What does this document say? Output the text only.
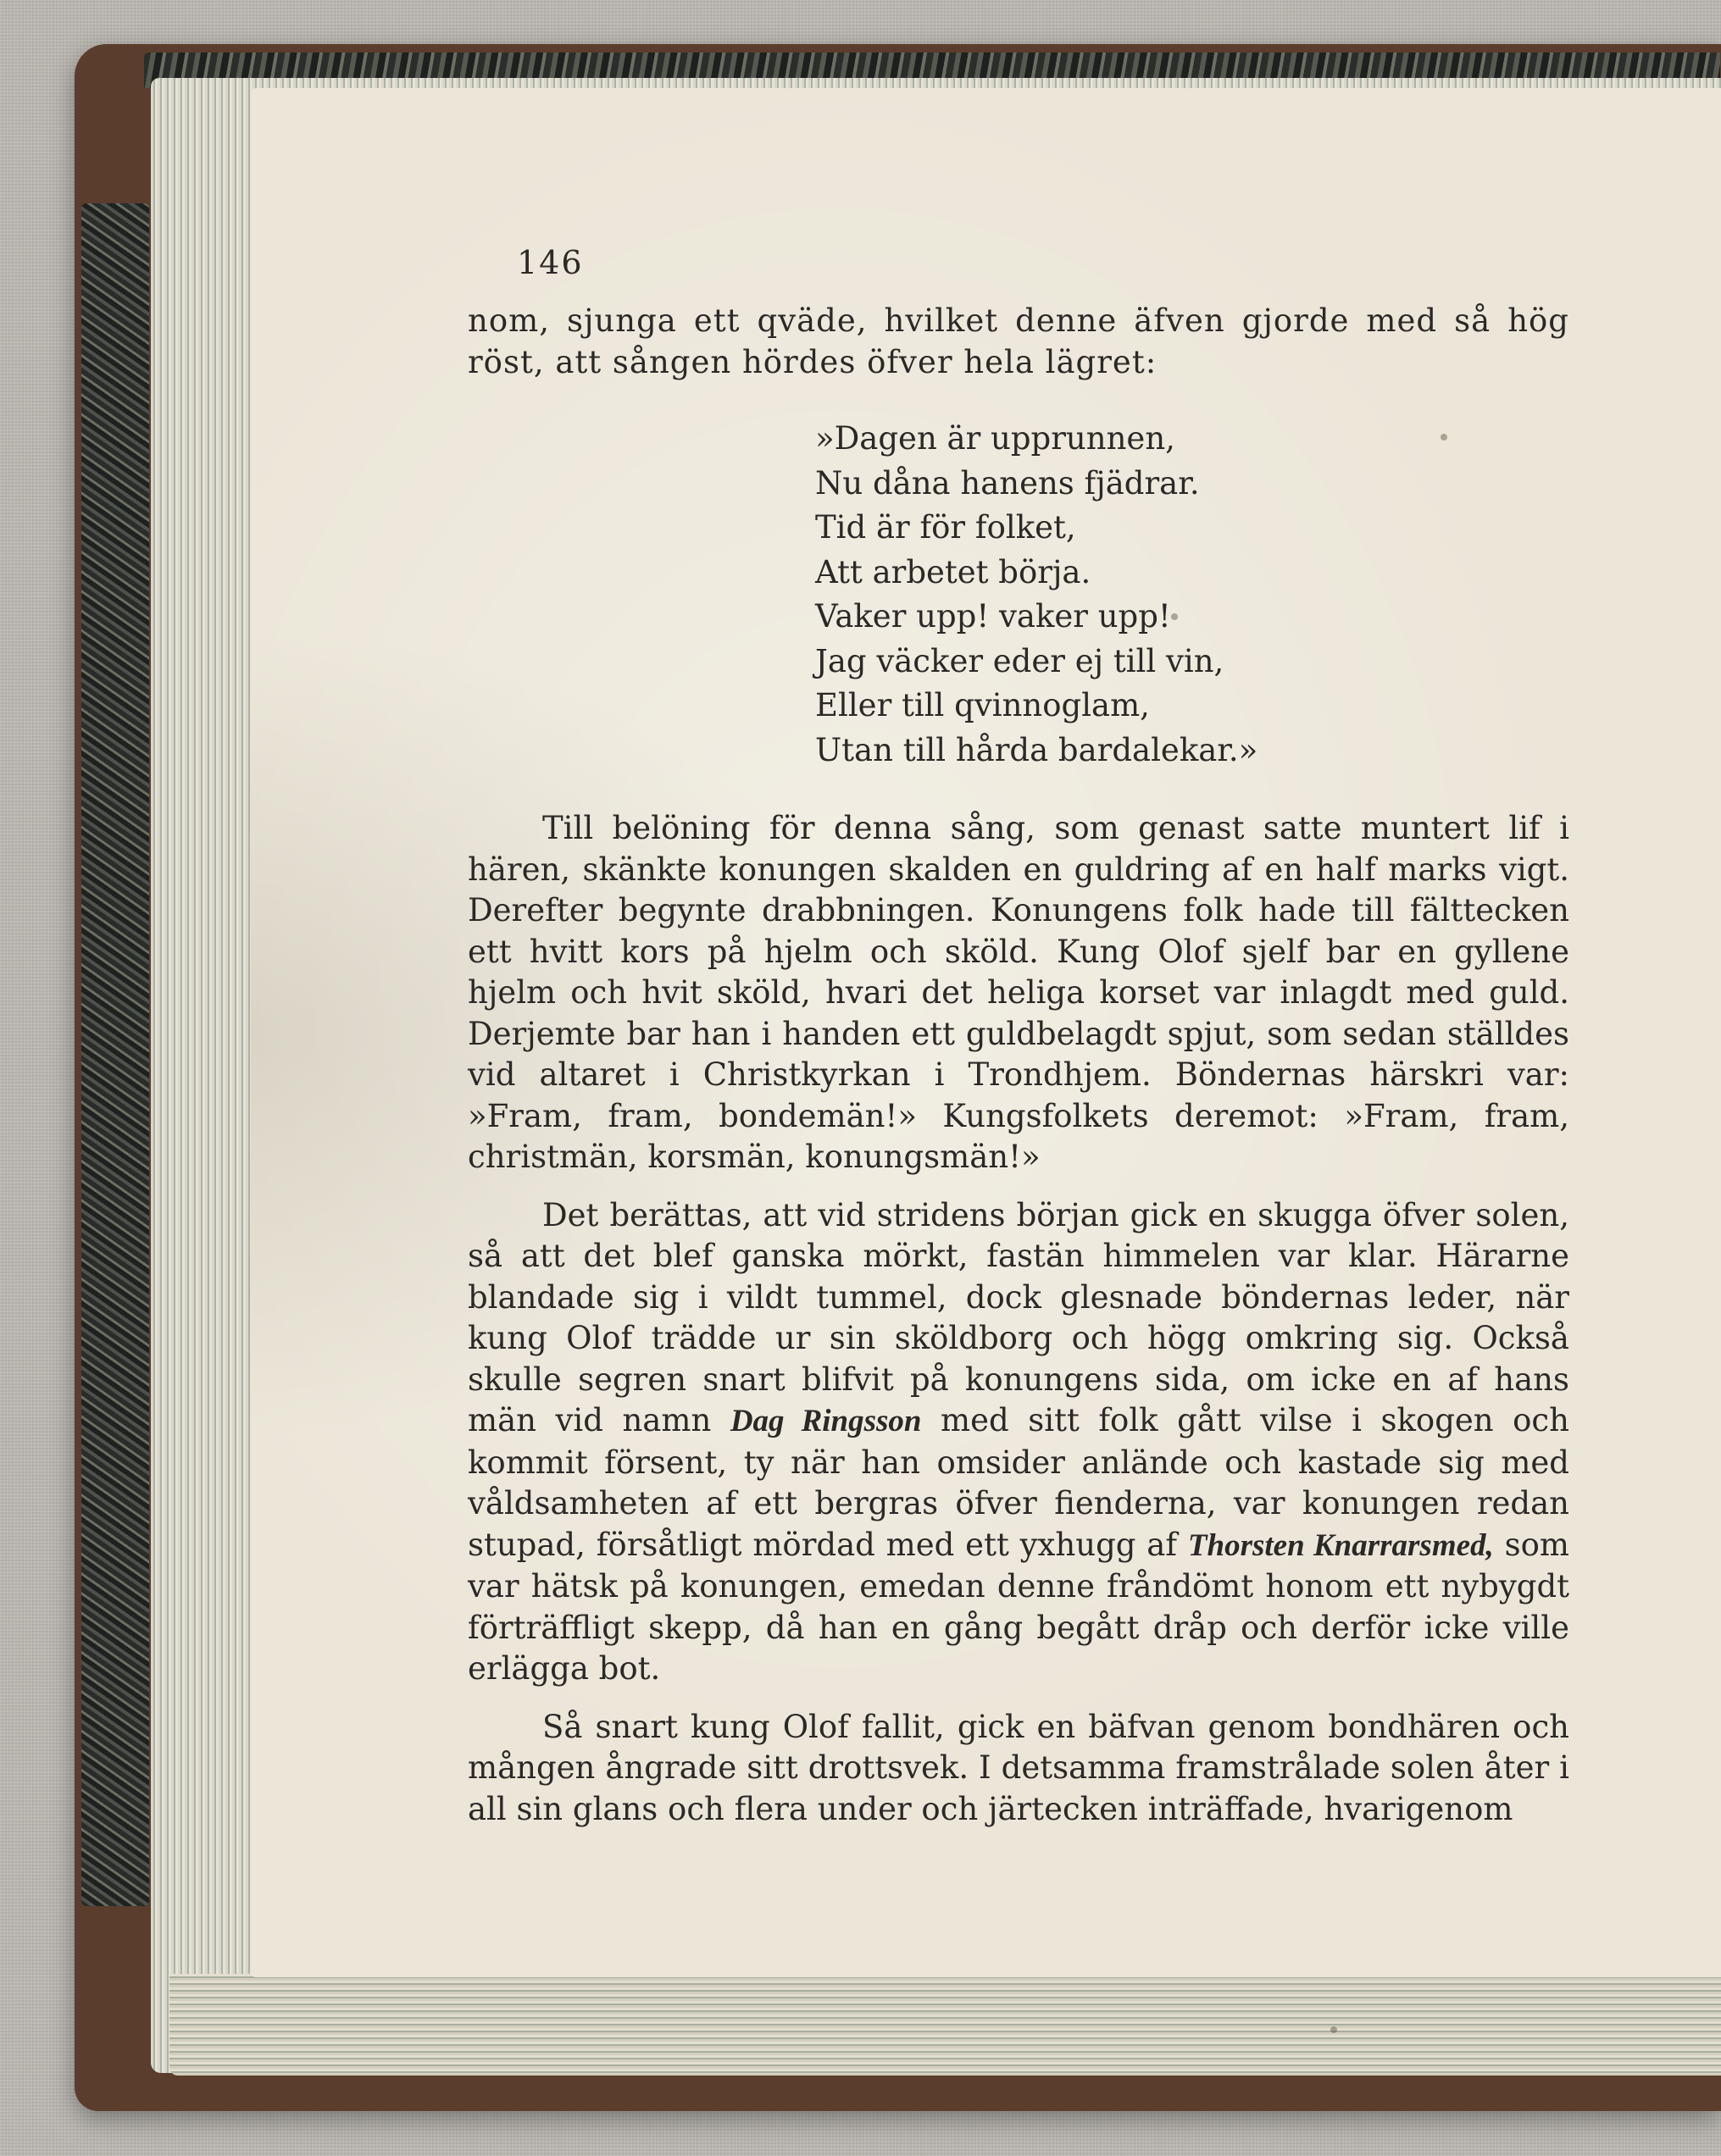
146

nom, sjunga ett qväde, hvilket denne äfven gjorde med så hög röst, att sången hördes öfver hela lägret:

»Dagen är upprunnen,
Nu dåna hanens fjädrar.
Tid är för folket,
Att arbetet börja.
Vaker upp! vaker upp!
Jag väcker eder ej till vin,
Eller till qvinnoglam,
Utan till hårda bardalekar.»

Till belöning för denna sång, som genast satte muntert lif i hären, skänkte konungen skalden en guldring af en half marks vigt. Derefter begynte drabbningen. Konungens folk hade till fälttecken ett hvitt kors på hjelm och sköld. Kung Olof sjelf bar en gyllene hjelm och hvit sköld, hvari det heliga korset var inlagdt med guld. Derjemte bar han i handen ett guldbelagdt spjut, som sedan ställdes vid altaret i Christkyrkan i Trondhjem. Böndernas härskri var: »Fram, fram, bondemän!» Kungsfolkets deremot: »Fram, fram, christmän, korsmän, konungsmän!»

Det berättas, att vid stridens början gick en skugga öfver solen, så att det blef ganska mörkt, fastän himmelen var klar. Härarne blandade sig i vildt tummel, dock glesnade böndernas leder, när kung Olof trädde ur sin sköldborg och högg omkring sig. Också skulle segren snart blifvit på konungens sida, om icke en af hans män vid namn Dag Ringsson med sitt folk gått vilse i skogen och kommit försent, ty när han omsider anlände och kastade sig med våldsamheten af ett bergras öfver fienderna, var konungen redan stupad, försåtligt mördad med ett yxhugg af Thorsten Knarrarsmed, som var hätsk på konungen, emedan denne fråndömt honom ett nybygdt förträffligt skepp, då han en gång begått dråp och derför icke ville erlägga bot.

Så snart kung Olof fallit, gick en bäfvan genom bondhären och mången ångrade sitt drottsvek. I detsamma framstrålade solen åter i all sin glans och flera under och järtecken inträffade, hvarigenom
